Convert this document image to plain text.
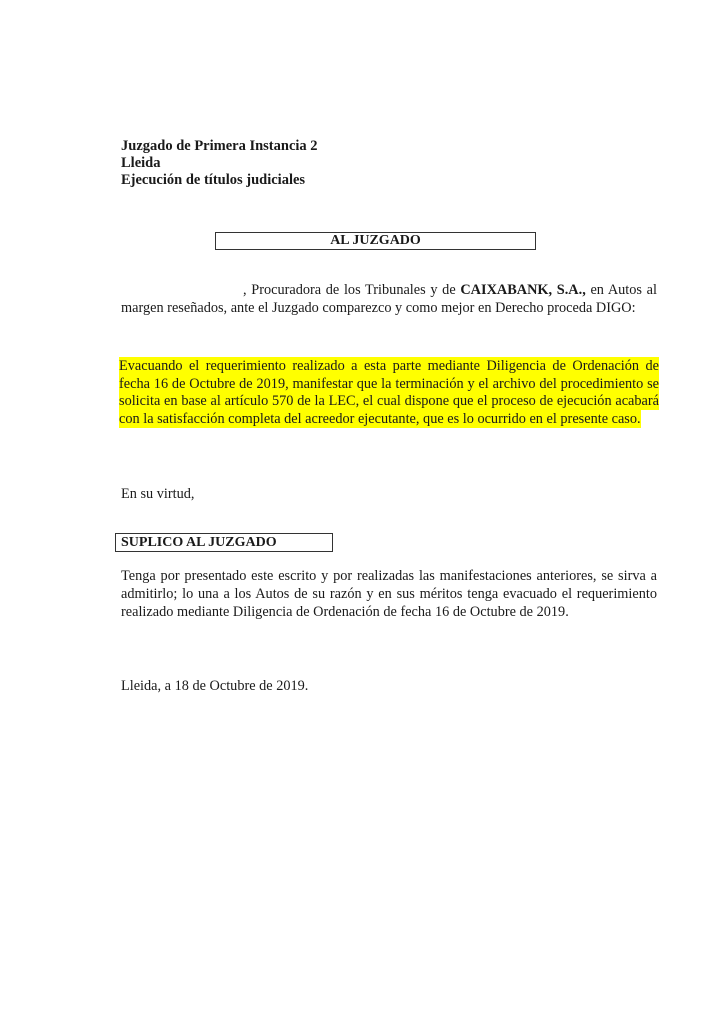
Juzgado de Primera Instancia 2
Lleida
Ejecución de títulos judiciales
AL JUZGADO
, Procuradora de los Tribunales y de CAIXABANK, S.A., en Autos al margen reseñados, ante el Juzgado comparezco y como mejor en Derecho proceda DIGO:

Evacuando el requerimiento realizado a esta parte mediante Diligencia de Ordenación de fecha 16 de Octubre de 2019, manifestar que la terminación y el archivo del procedimiento se solicita en base al artículo 570 de la LEC, el cual dispone que el proceso de ejecución acabará con la satisfacción completa del acreedor ejecutante, que es lo ocurrido en el presente caso.

En su virtud,
SUPLICO AL JUZGADO
Tenga por presentado este escrito y por realizadas las manifestaciones anteriores, se sirva a admitirlo; lo una a los Autos de su razón y en sus méritos tenga evacuado el requerimiento realizado mediante Diligencia de Ordenación de fecha 16 de Octubre de 2019.
Lleida, a 18 de Octubre de 2019.
